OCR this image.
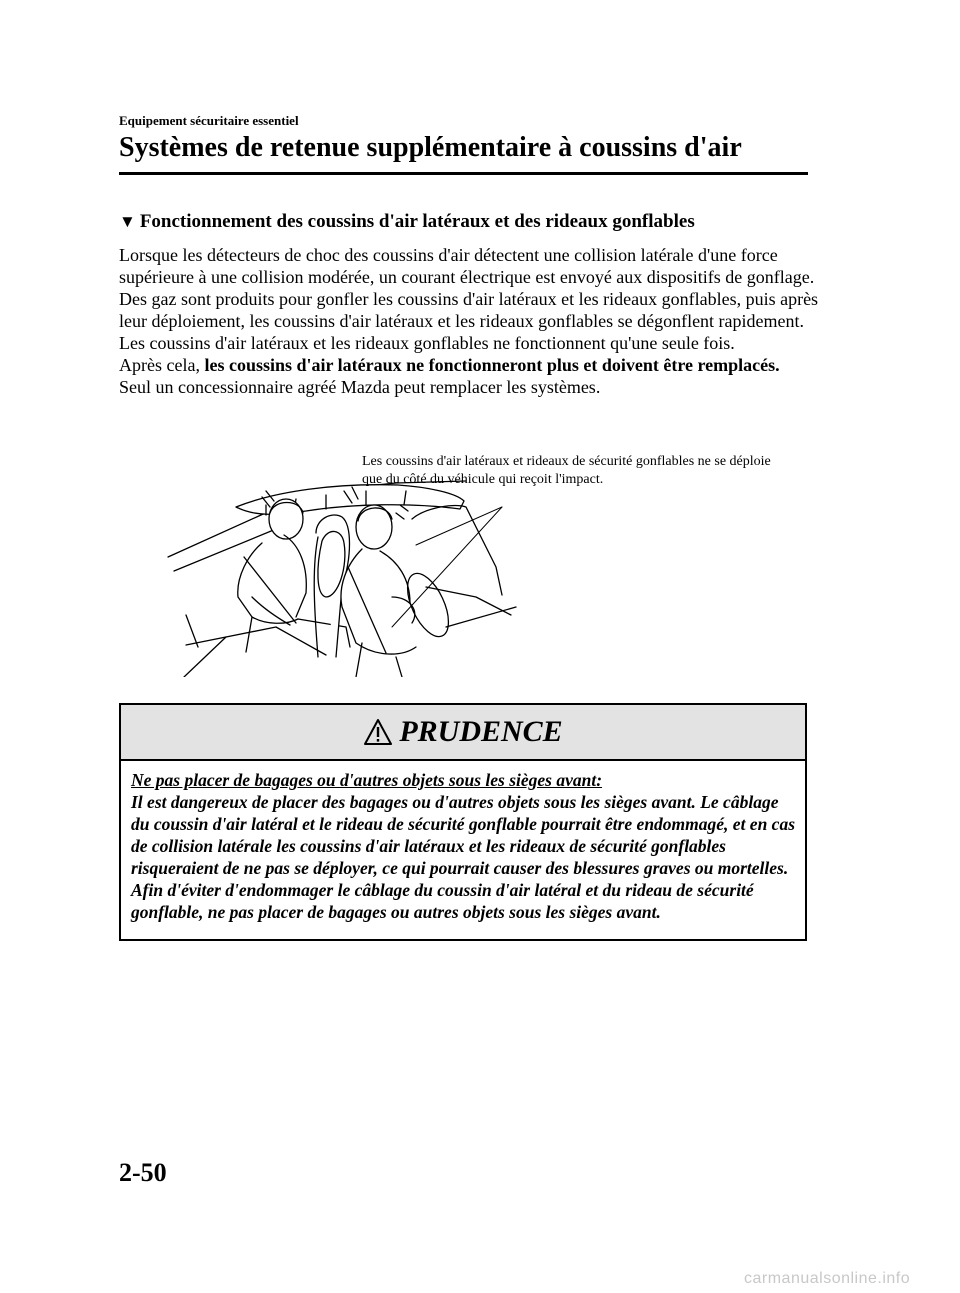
Equipement sécuritaire essentiel
Systèmes de retenue supplémentaire à coussins d'air
▼ Fonctionnement des coussins d'air latéraux et des rideaux gonflables

Lorsque les détecteurs de choc des coussins d'air détectent une collision latérale d'une force supérieure à une collision modérée, un courant électrique est envoyé aux dispositifs de gonflage.

Des gaz sont produits pour gonfler les coussins d'air latéraux et les rideaux gonflables, puis après leur déploiement, les coussins d'air latéraux et les rideaux gonflables se dégonflent rapidement.

Les coussins d'air latéraux et les rideaux gonflables ne fonctionnent qu'une seule fois.

Après cela, les coussins d'air latéraux ne fonctionneront plus et doivent être remplacés.

Seul un concessionnaire agréé Mazda peut remplacer les systèmes.

Les coussins d'air latéraux et rideaux de sécurité gonflables ne se déploie que du côté du véhicule qui reçoit l'impact.
PRUDENCE
Ne pas placer de bagages ou d'autres objets sous les sièges avant:
Il est dangereux de placer des bagages ou d'autres objets sous les sièges avant. Le câblage du coussin d'air latéral et le rideau de sécurité gonflable pourrait être endommagé, et en cas de collision latérale les coussins d'air latéraux et les rideaux de sécurité gonflables risqueraient de ne pas se déployer, ce qui pourrait causer des blessures graves ou mortelles. Afin d'éviter d'endommager le câblage du coussin d'air latéral et du rideau de sécurité gonflable, ne pas placer de bagages ou autres objets sous les sièges avant.
2-50
carmanualsonline.info
